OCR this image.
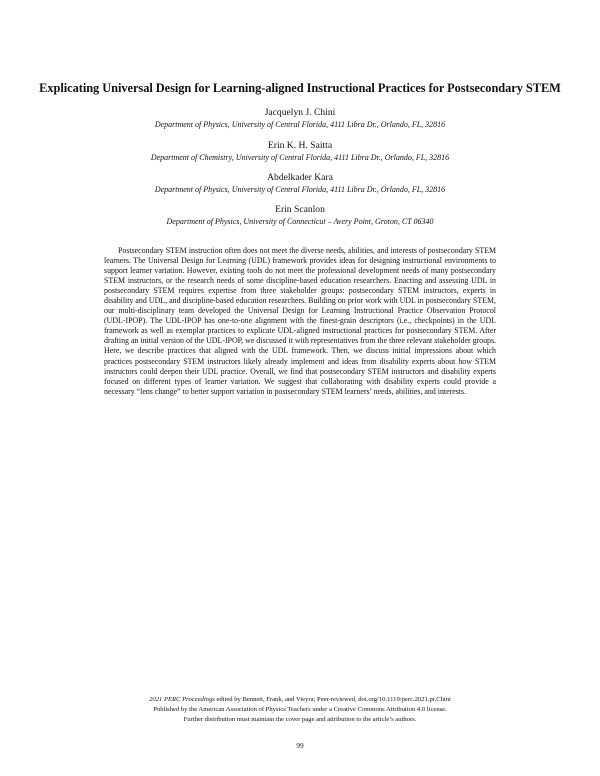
Explicating Universal Design for Learning-aligned Instructional Practices for Postsecondary STEM
Jacquelyn J. Chini
Department of Physics, University of Central Florida, 4111 Libra Dr., Orlando, FL, 32816
Erin K. H. Saitta
Department of Chemistry, University of Central Florida, 4111 Libra Dr., Orlando, FL, 32816
Abdelkader Kara
Department of Physics, University of Central Florida, 4111 Libra Dr., Orlando, FL, 32816
Erin Scanlon
Department of Physics, University of Connecticut – Avery Point, Groton, CT 06340

Postsecondary STEM instruction often does not meet the diverse needs, abilities, and interests of postsecondary STEM learners. The Universal Design for Learning (UDL) framework provides ideas for designing instructional environments to support learner variation. However, existing tools do not meet the professional development needs of many postsecondary STEM instructors, or the research needs of some discipline-based education researchers. Enacting and assessing UDL in postsecondary STEM requires expertise from three stakeholder groups: postsecondary STEM instructors, experts in disability and UDL, and discipline-based education researchers. Building on prior work with UDL in postsecondary STEM, our multi-disciplinary team developed the Universal Design for Learning Instructional Practice Observation Protocol (UDL-IPOP). The UDL-IPOP has one-to-one alignment with the finest-grain descriptors (i.e., checkpoints) in the UDL framework as well as exemplar practices to explicate UDL-aligned instructional practices for postsecondary STEM. After drafting an initial version of the UDL-IPOP, we discussed it with representatives from the three relevant stakeholder groups. Here, we describe practices that aligned with the UDL framework. Then, we discuss initial impressions about which practices postsecondary STEM instructors likely already implement and ideas from disability experts about how STEM instructors could deepen their UDL practice. Overall, we find that postsecondary STEM instructors and disability experts focused on different types of learner variation. We suggest that collaborating with disability experts could provide a necessary “lens change” to better support variation in postsecondary STEM learners’ needs, abilities, and interests.

2021 PERC Proceedings edited by Bennett, Frank, and Vieyra; Peer-reviewed, doi.org/10.1119/perc.2021.pr.Chini
Published by the American Association of Physics Teachers under a Creative Commons Attribution 4.0 license.
Further distribution must maintain the cover page and attribution to the article’s authors.
99
